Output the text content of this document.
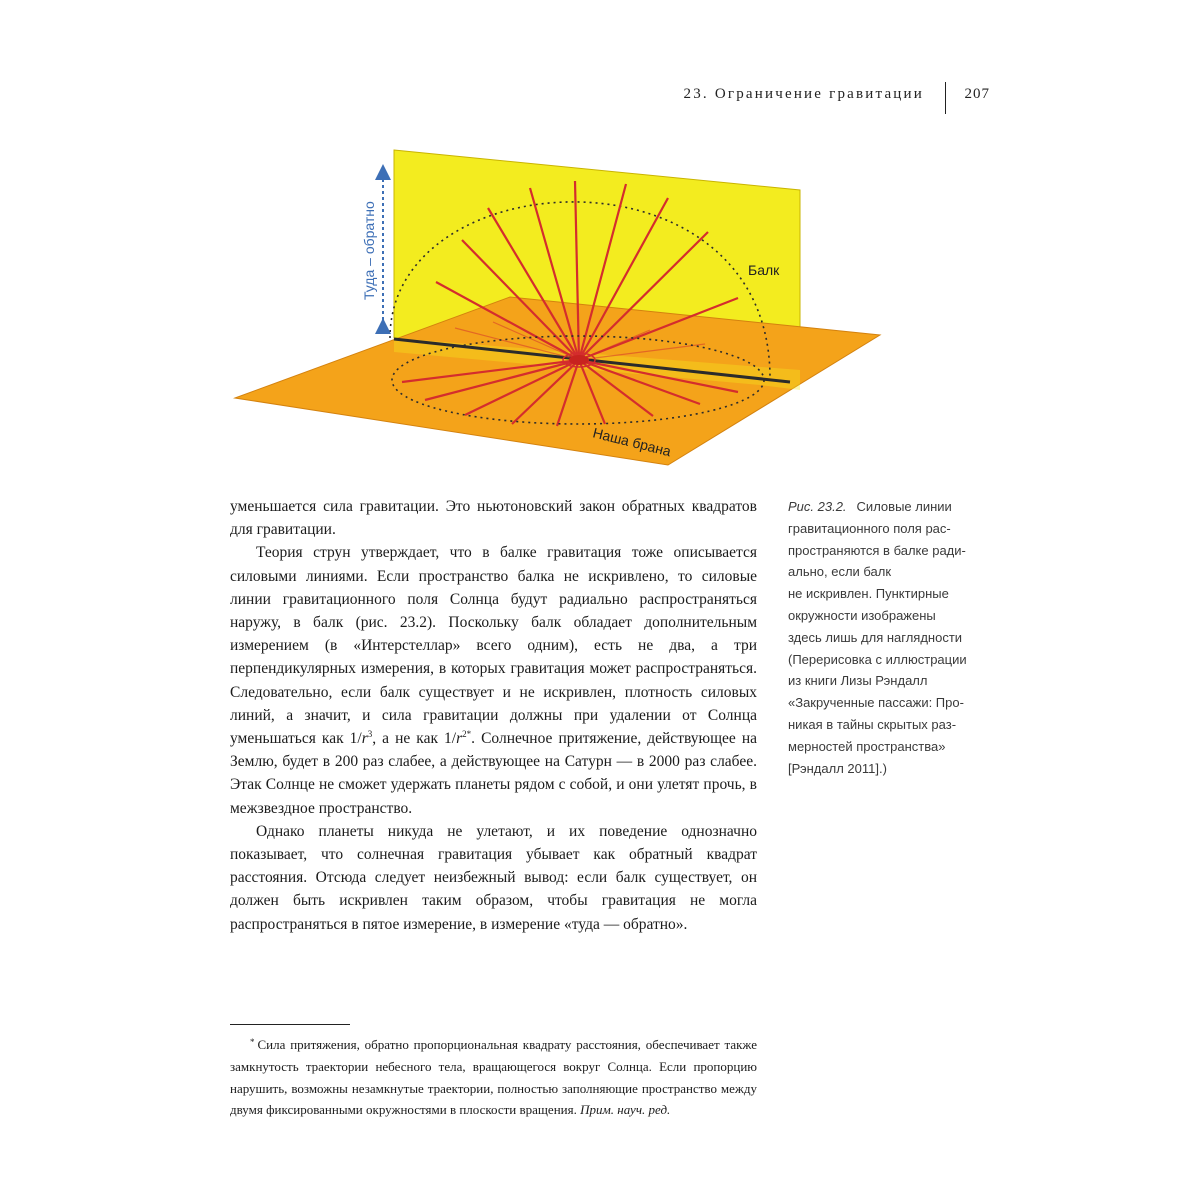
23. Ограничение гравитации	207
Туда – обратно	Балк
Наша брана

уменьшается сила гравитации. Это ньютоновский закон обратных квадратов для гравитации.

Теория струн утверждает, что в балке гравитация тоже описывается силовыми линиями. Если пространство балка не искривлено, то силовые линии гравитационного поля Солнца будут радиально распространяться наружу, в балк (рис. 23.2). Поскольку балк обладает дополнительным измерением (в «Интерстеллар» всего одним), есть не два, а три перпендикулярных измерения, в которых гравитация может распространяться. Следовательно, если балк существует и не искривлен, плотность силовых линий, а значит, и сила гравитации должны при удалении от Солнца уменьшаться как $1/r^3$, а не как $1/r^{2*}$. Солнечное притяжение, действующее на Землю, будет в 200 раз слабее, а действующее на Сатурн — в 2000 раз слабее. Этак Солнце не сможет удержать планеты рядом с собой, и они улетят прочь, в межзвездное пространство.

Однако планеты никуда не улетают, и их поведение однозначно показывает, что солнечная гравитация убывает как обратный квадрат расстояния. Отсюда следует неизбежный вывод: если балк существует, он должен быть искривлен таким образом, чтобы гравитация не могла распространяться в пятое измерение, в измерение «туда — обратно».

Рис. 23.2. Силовые линии
гравитационного поля рас-
пространяются в балке ради-
ально, если балк
не искривлен. Пунктирные
окружности изображены
здесь лишь для наглядности
(Перерисовка с иллюстрации
из книги Лизы Рэндалл
«Закрученные пассажи: Про-
никая в тайны скрытых раз-
мерностей пространства»
[Рэндалл 2011].)
* Сила притяжения, обратно пропорциональная квадрату расстояния, обеспечивает также замкнутость траектории небесного тела, вращающегося вокруг Солнца. Если пропорцию нарушить, возможны незамкнутые траектории, полностью заполняющие пространство между двумя фиксированными окружностями в плоскости вращения. Прим. науч. ред.
